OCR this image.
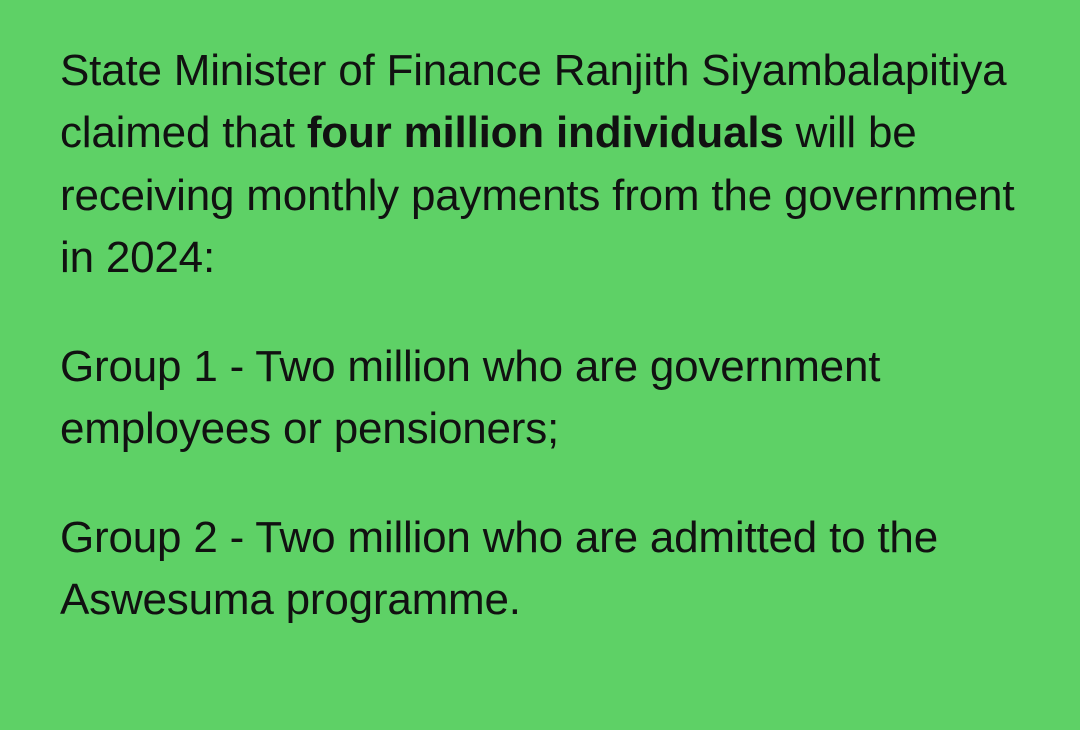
State Minister of Finance Ranjith Siyambalapitiya claimed that four million individuals will be receiving monthly payments from the government in 2024:

Group 1 - Two million who are government employees or pensioners;

Group 2 - Two million who are admitted to the Aswesuma programme.
